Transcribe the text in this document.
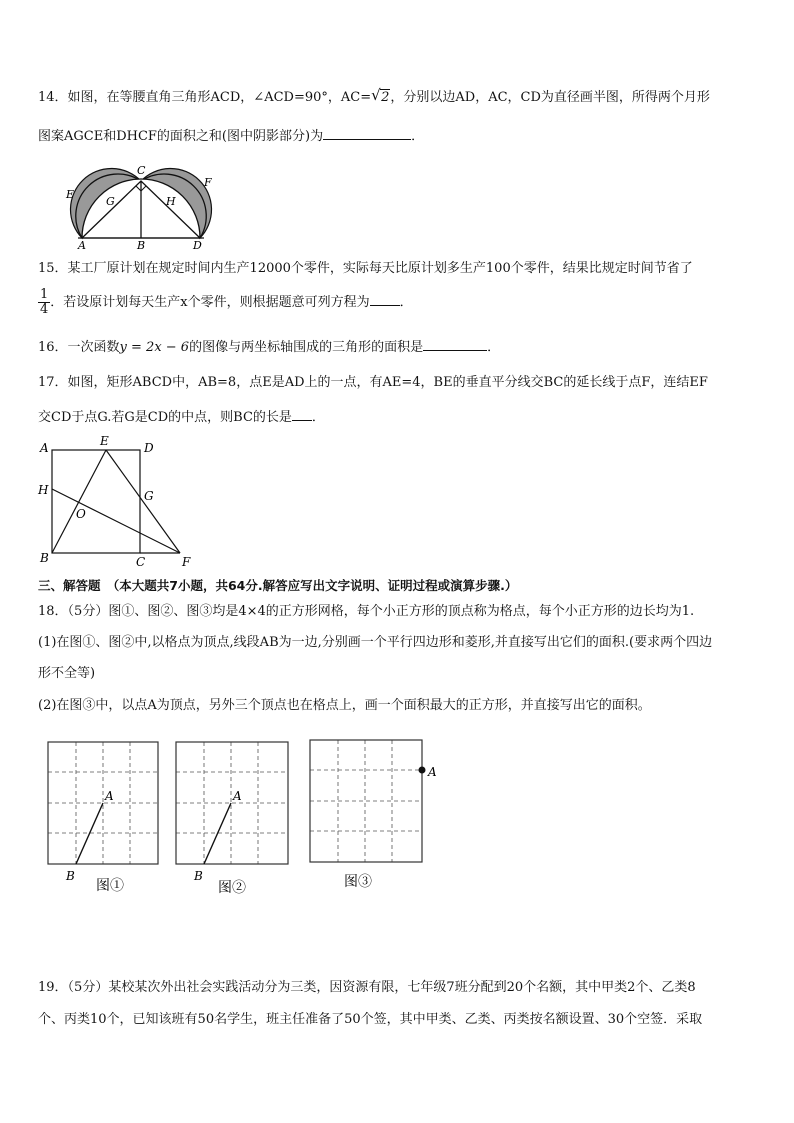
14．如图，在等腰直角三角形ACD，∠ACD=90°，AC= √ 2，分别以边AD，AC，CD为直径画半图，所得两个月形
图案AGCE和DHCF的面积之和(图中阴影部分)为	．
E
F
C
G	H
A	B	D
15．某工厂原计划在规定时间内生产12000个零件，实际每天比原计划多生产100个零件，结果比规定时间节省了
$\frac{1}{4}$ ．若设原计划每天生产x个零件，则根据题意可列方程为 ．
16．一次函数y = 2x − 6的图像与两坐标轴围成的三角形的面积是	．
17．如图，矩形ABCD中，AB=8，点E是AD上的一点，有AE=4，BE的垂直平分线交BC的延长线于点F，连结EF
交CD于点G.若G是CD的中点，则BC的长是 ．
A	E	D
H	G
O
B	C	F
三、解答题　（本大题共7小题，共64分.解答应写出文字说明、证明过程或演算步骤.）
18．（5分）图①、图②、图③均是4×4的正方形网格，每个小正方形的顶点称为格点，每个小正方形的边长均为1.
(1)在图①、图②中,以格点为顶点,线段AB为一边,分别画一个平行四边形和菱形,并直接写出它们的面积.(要求两个四边
形不全等)
(2)在图③中，以点A为顶点，另外三个顶点也在格点上，画一个面积最大的正方形，并直接写出它的面积。
A
B
图①
A
B
图②
A
图③
19．（5分）某校某次外出社会实践活动分为三类，因资源有限，七年级7班分配到20个名额，其中甲类2个、乙类8
个、丙类10个，已知该班有50名学生，班主任准备了50个签，其中甲类、乙类、丙类按名额设置、30个空签．采取
